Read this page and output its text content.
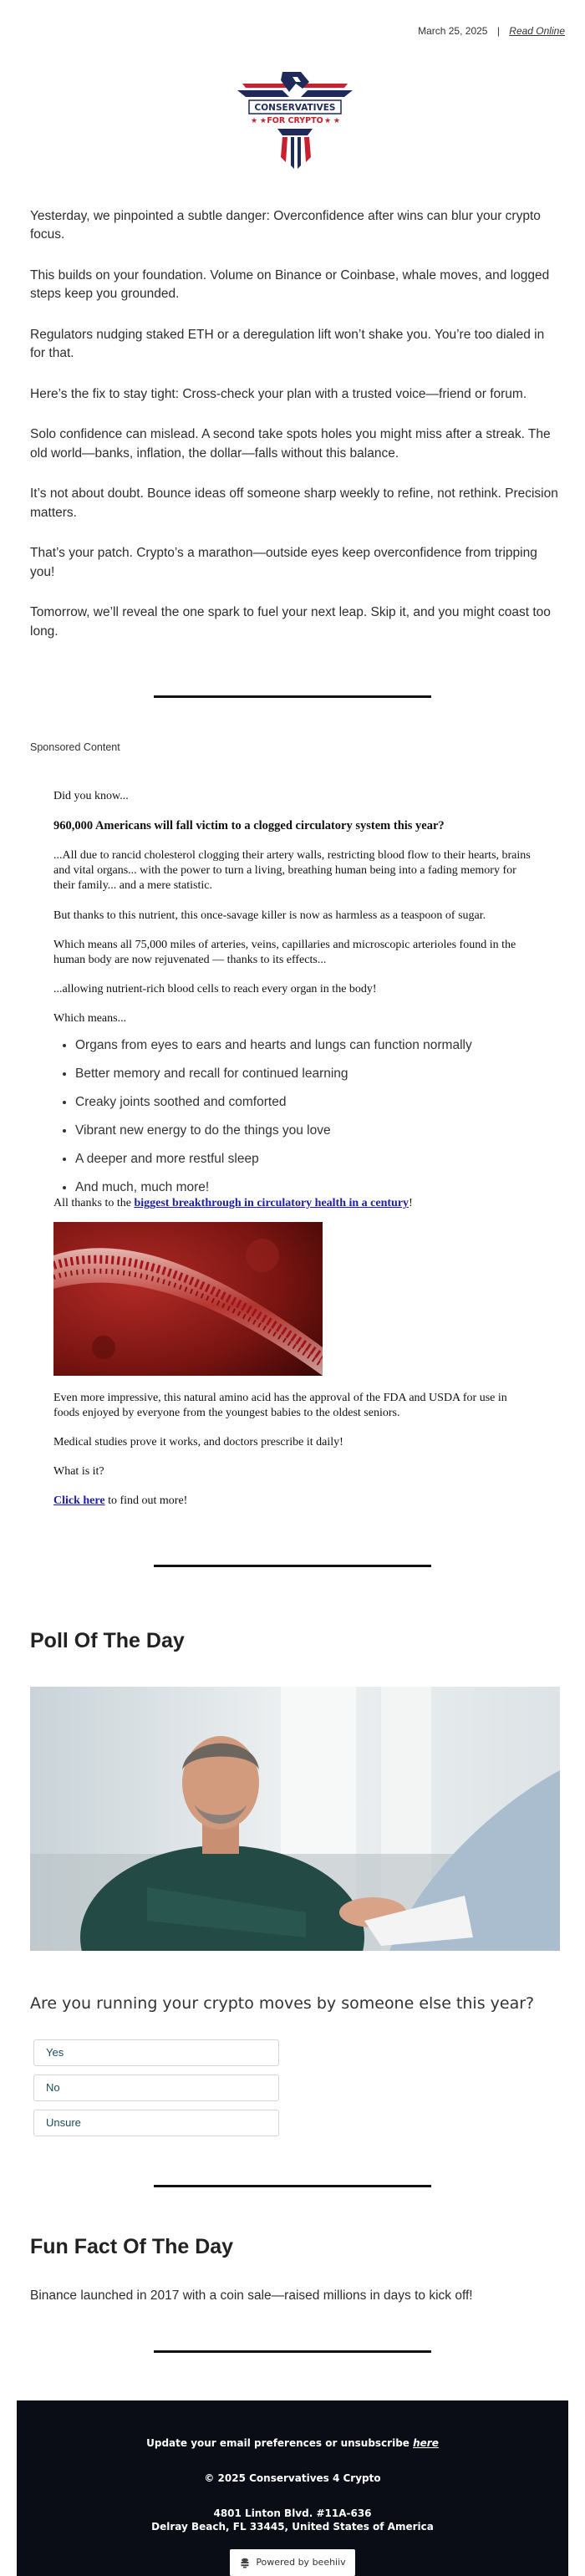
March 25, 2025 | Read Online
CONSERVATIVES
★ ★	★ ★
FOR CRYPTO

Yesterday, we pinpointed a subtle danger: Overconfidence after wins can blur your crypto focus.

This builds on your foundation. Volume on Binance or Coinbase, whale moves, and logged steps keep you grounded.

Regulators nudging staked ETH or a deregulation lift won’t shake you. You’re too dialed in for that.

Here’s the fix to stay tight: Cross-check your plan with a trusted voice—friend or forum.

Solo confidence can mislead. A second take spots holes you might miss after a streak. The old world—banks, inflation, the dollar—falls without this balance.

It’s not about doubt. Bounce ideas off someone sharp weekly to refine, not rethink. Precision matters.

That’s your patch. Crypto’s a marathon—outside eyes keep overconfidence from tripping you!

Tomorrow, we’ll reveal the one spark to fuel your next leap. Skip it, and you might coast too long.

Sponsored Content

Did you know...

960,000 Americans will fall victim to a clogged circulatory system this year?

...All due to rancid cholesterol clogging their artery walls, restricting blood flow to their hearts, brains and vital organs... with the power to turn a living, breathing human being into a fading memory for their family... and a mere statistic.

But thanks to this nutrient, this once-savage killer is now as harmless as a teaspoon of sugar.

Which means all 75,000 miles of arteries, veins, capillaries and microscopic arterioles found in the human body are now rejuvenated — thanks to its effects...

...allowing nutrient-rich blood cells to reach every organ in the body!

Which means...

• Organs from eyes to ears and hearts and lungs can function normally
• Better memory and recall for continued learning
• Creaky joints soothed and comforted
• Vibrant new energy to do the things you love
• A deeper and more restful sleep
• And much, much more!
All thanks to the biggest breakthrough in circulatory health in a century!

Even more impressive, this natural amino acid has the approval of the FDA and USDA for use in foods enjoyed by everyone from the youngest babies to the oldest seniors.

Medical studies prove it works, and doctors prescribe it daily!

What is it?

Click here to find out more!

Poll Of The Day
Are you running your crypto moves by someone else this year?
Yes
No
Unsure
Fun Fact Of The Day
Binance launched in 2017 with a coin sale—raised millions in days to kick off!
Update your email preferences or unsubscribe here
© 2025 Conservatives 4 Crypto
4801 Linton Blvd. #11A-636
Delray Beach, FL 33445, United States of America
Powered by beehiiv
